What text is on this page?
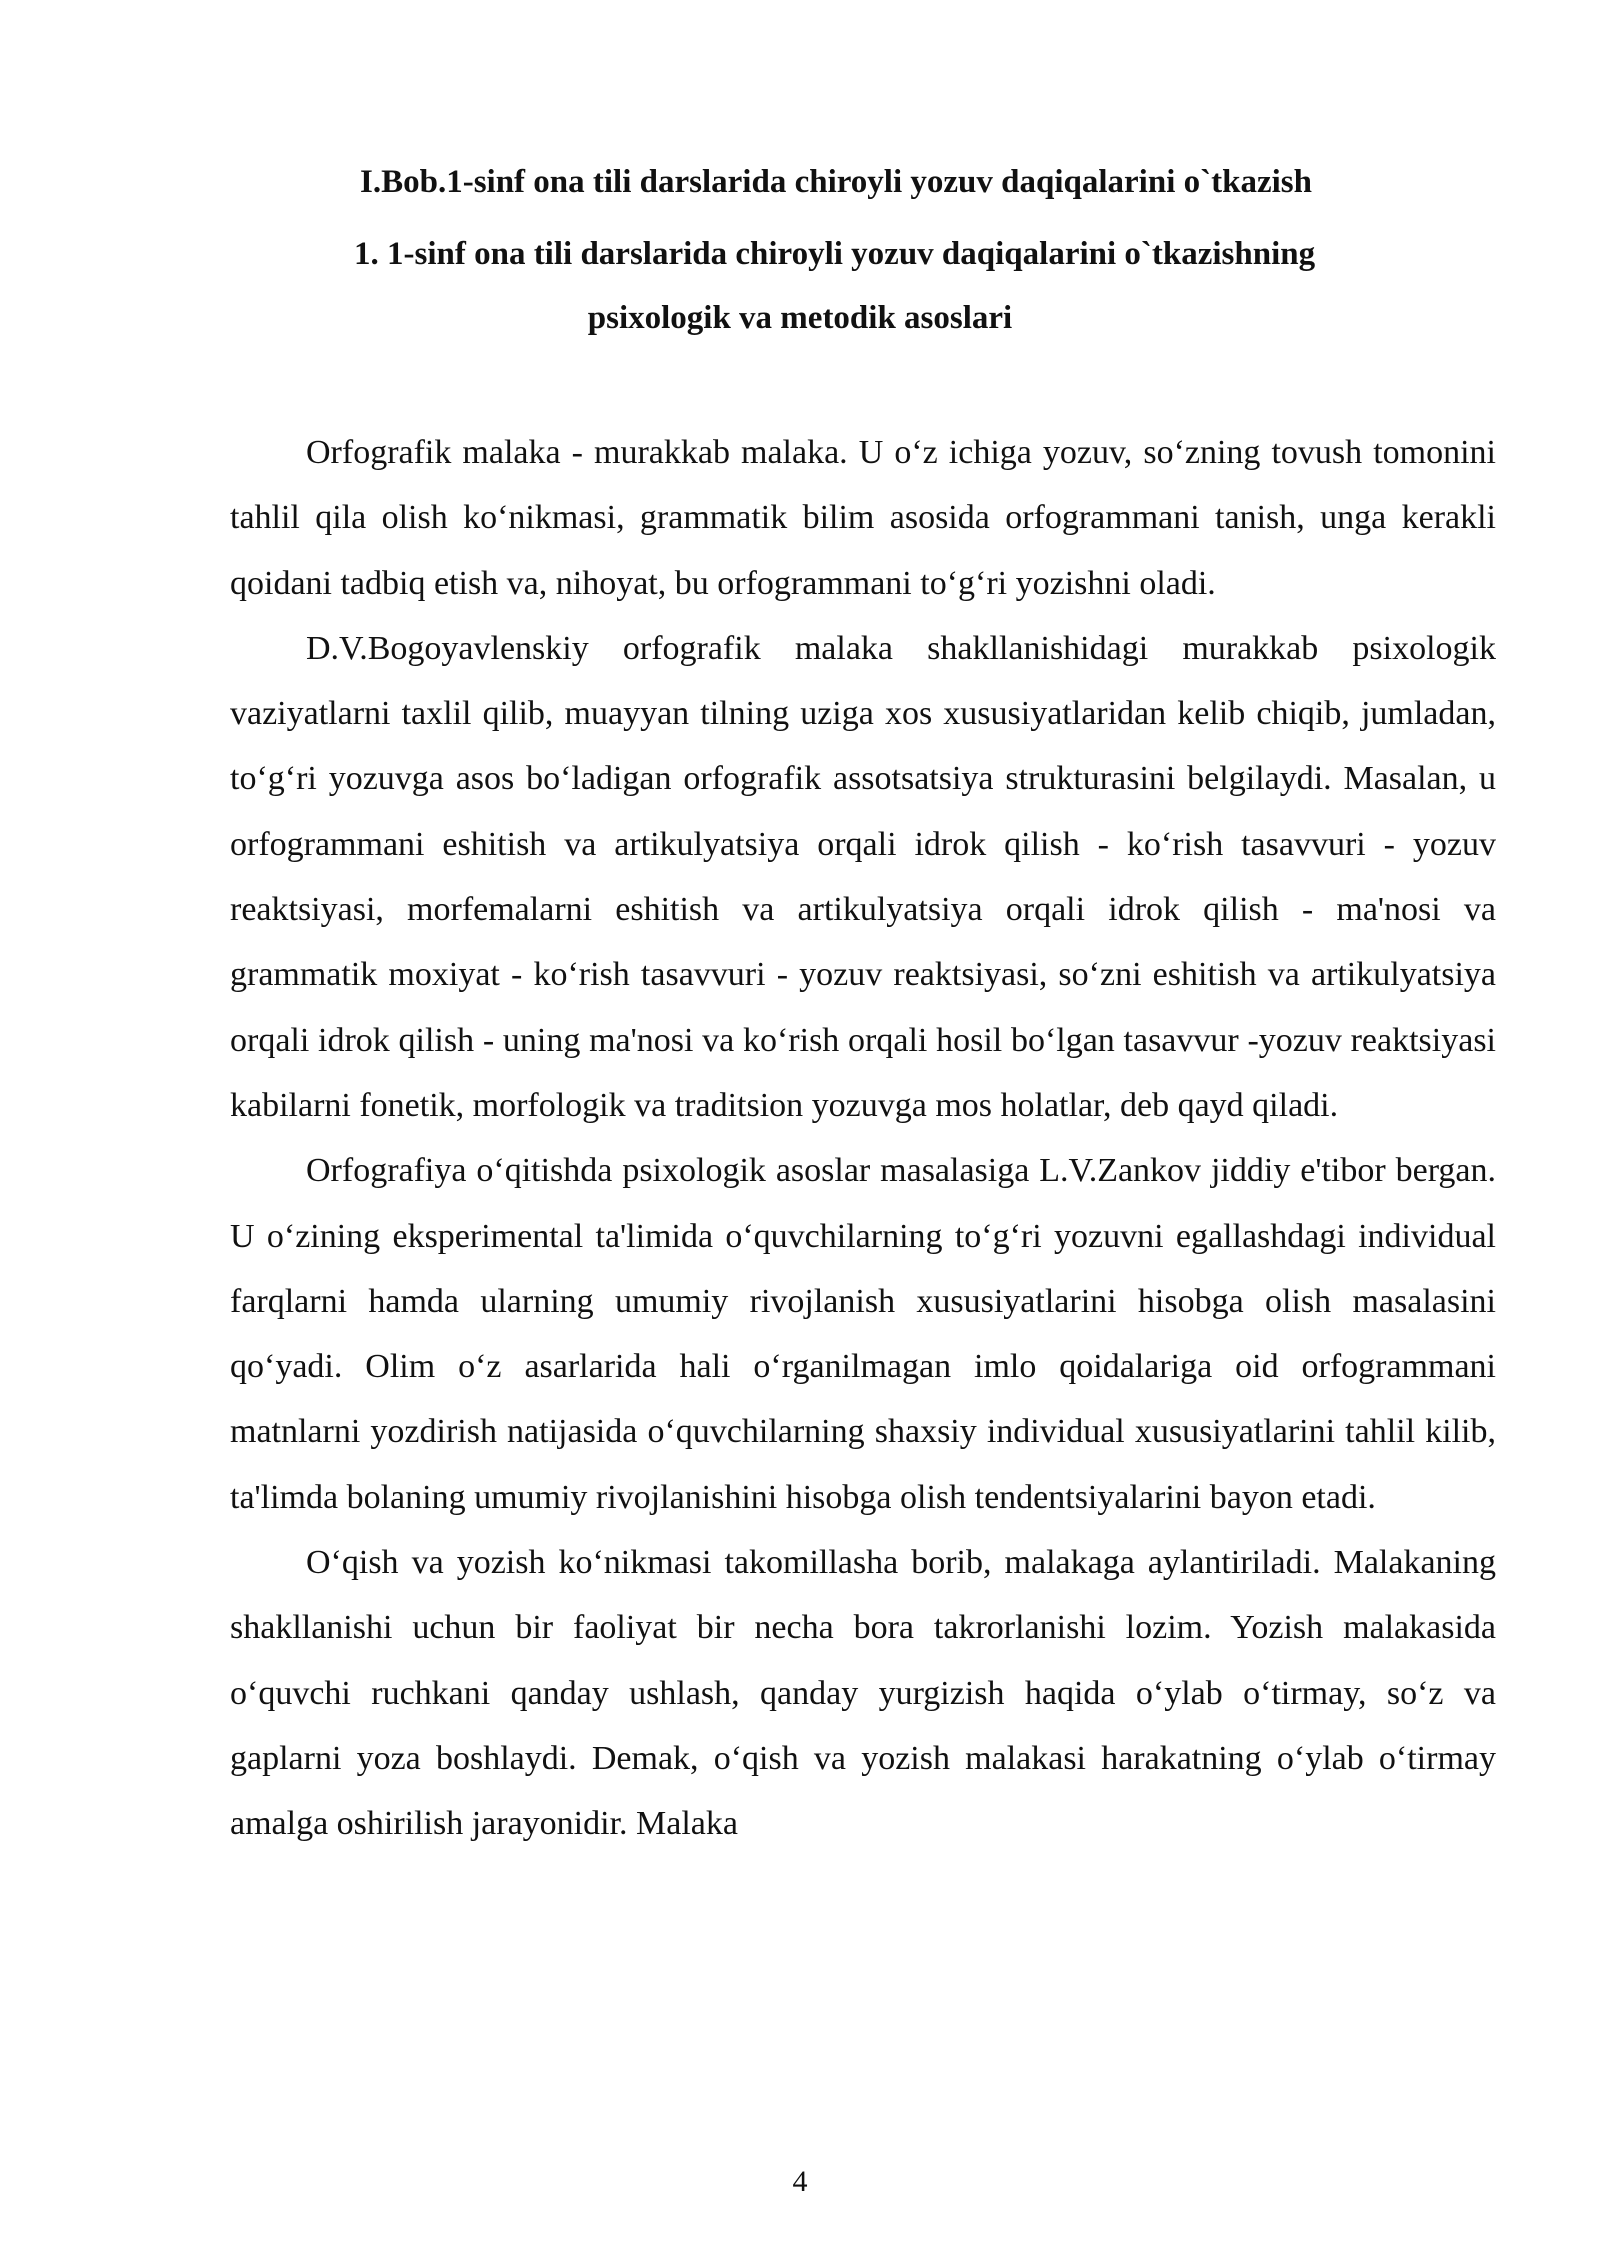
I.Bob.1-sinf ona tili darslarida chiroyli yozuv daqiqalarini o`tkazish
1. 1-sinf ona tili darslarida chiroyli yozuv daqiqalarini o`tkazishning
psixologik va metodik asoslari

Orfografik malaka - murakkab malaka. U o‘z ichiga yozuv, so‘zning tovush tomonini tahlil qila olish ko‘nikmasi, grammatik bilim asosida orfogrammani tanish, unga kerakli qoidani tadbiq etish va, nihoyat, bu orfogrammani to‘g‘ri yozishni oladi.

D.V.Bogoyavlenskiy orfografik malaka shakllanishidagi murakkab psixologik vaziyatlarni taxlil qilib, muayyan tilning uziga xos xususiyatlaridan kelib chiqib, jumladan, to‘g‘ri yozuvga asos bo‘ladigan orfografik assotsatsiya strukturasini belgilaydi. Masalan, u orfogrammani eshitish va artikulyatsiya orqali idrok qilish - ko‘rish tasavvuri - yozuv reaktsiyasi, morfemalarni eshitish va artikulyatsiya orqali idrok qilish - ma'nosi va grammatik moxiyat - ko‘rish tasavvuri - yozuv reaktsiyasi, so‘zni eshitish va artikulyatsiya orqali idrok qilish - uning ma'nosi va ko‘rish orqali hosil bo‘lgan tasavvur -yozuv reaktsiyasi kabilarni fonetik, morfologik va traditsion yozuvga mos holatlar, deb qayd qiladi.

Orfografiya o‘qitishda psixologik asoslar masalasiga L.V.Zankov jiddiy e'tibor bergan. U o‘zining eksperimental ta'limida o‘quvchilarning to‘g‘ri yozuvni egallashdagi individual farqlarni hamda ularning umumiy rivojlanish xususiyatlarini hisobga olish masalasini qo‘yadi. Olim o‘z asarlarida hali o‘rganilmagan imlo qoidalariga oid orfogrammani matnlarni yozdirish natijasida o‘quvchilarning shaxsiy individual xususiyatlarini tahlil kilib, ta'limda bolaning umumiy rivojlanishini hisobga olish tendentsiyalarini bayon etadi.

O‘qish va yozish ko‘nikmasi takomillasha borib, malakaga aylantiriladi. Malakaning shakllanishi uchun bir faoliyat bir necha bora takrorlanishi lozim. Yozish malakasida o‘quvchi ruchkani qanday ushlash, qanday yurgizish haqida o‘ylab o‘tirmay, so‘z va gaplarni yoza boshlaydi. Demak, o‘qish va yozish malakasi harakatning o‘ylab o‘tirmay amalga oshirilish jarayonidir. Malaka

4
